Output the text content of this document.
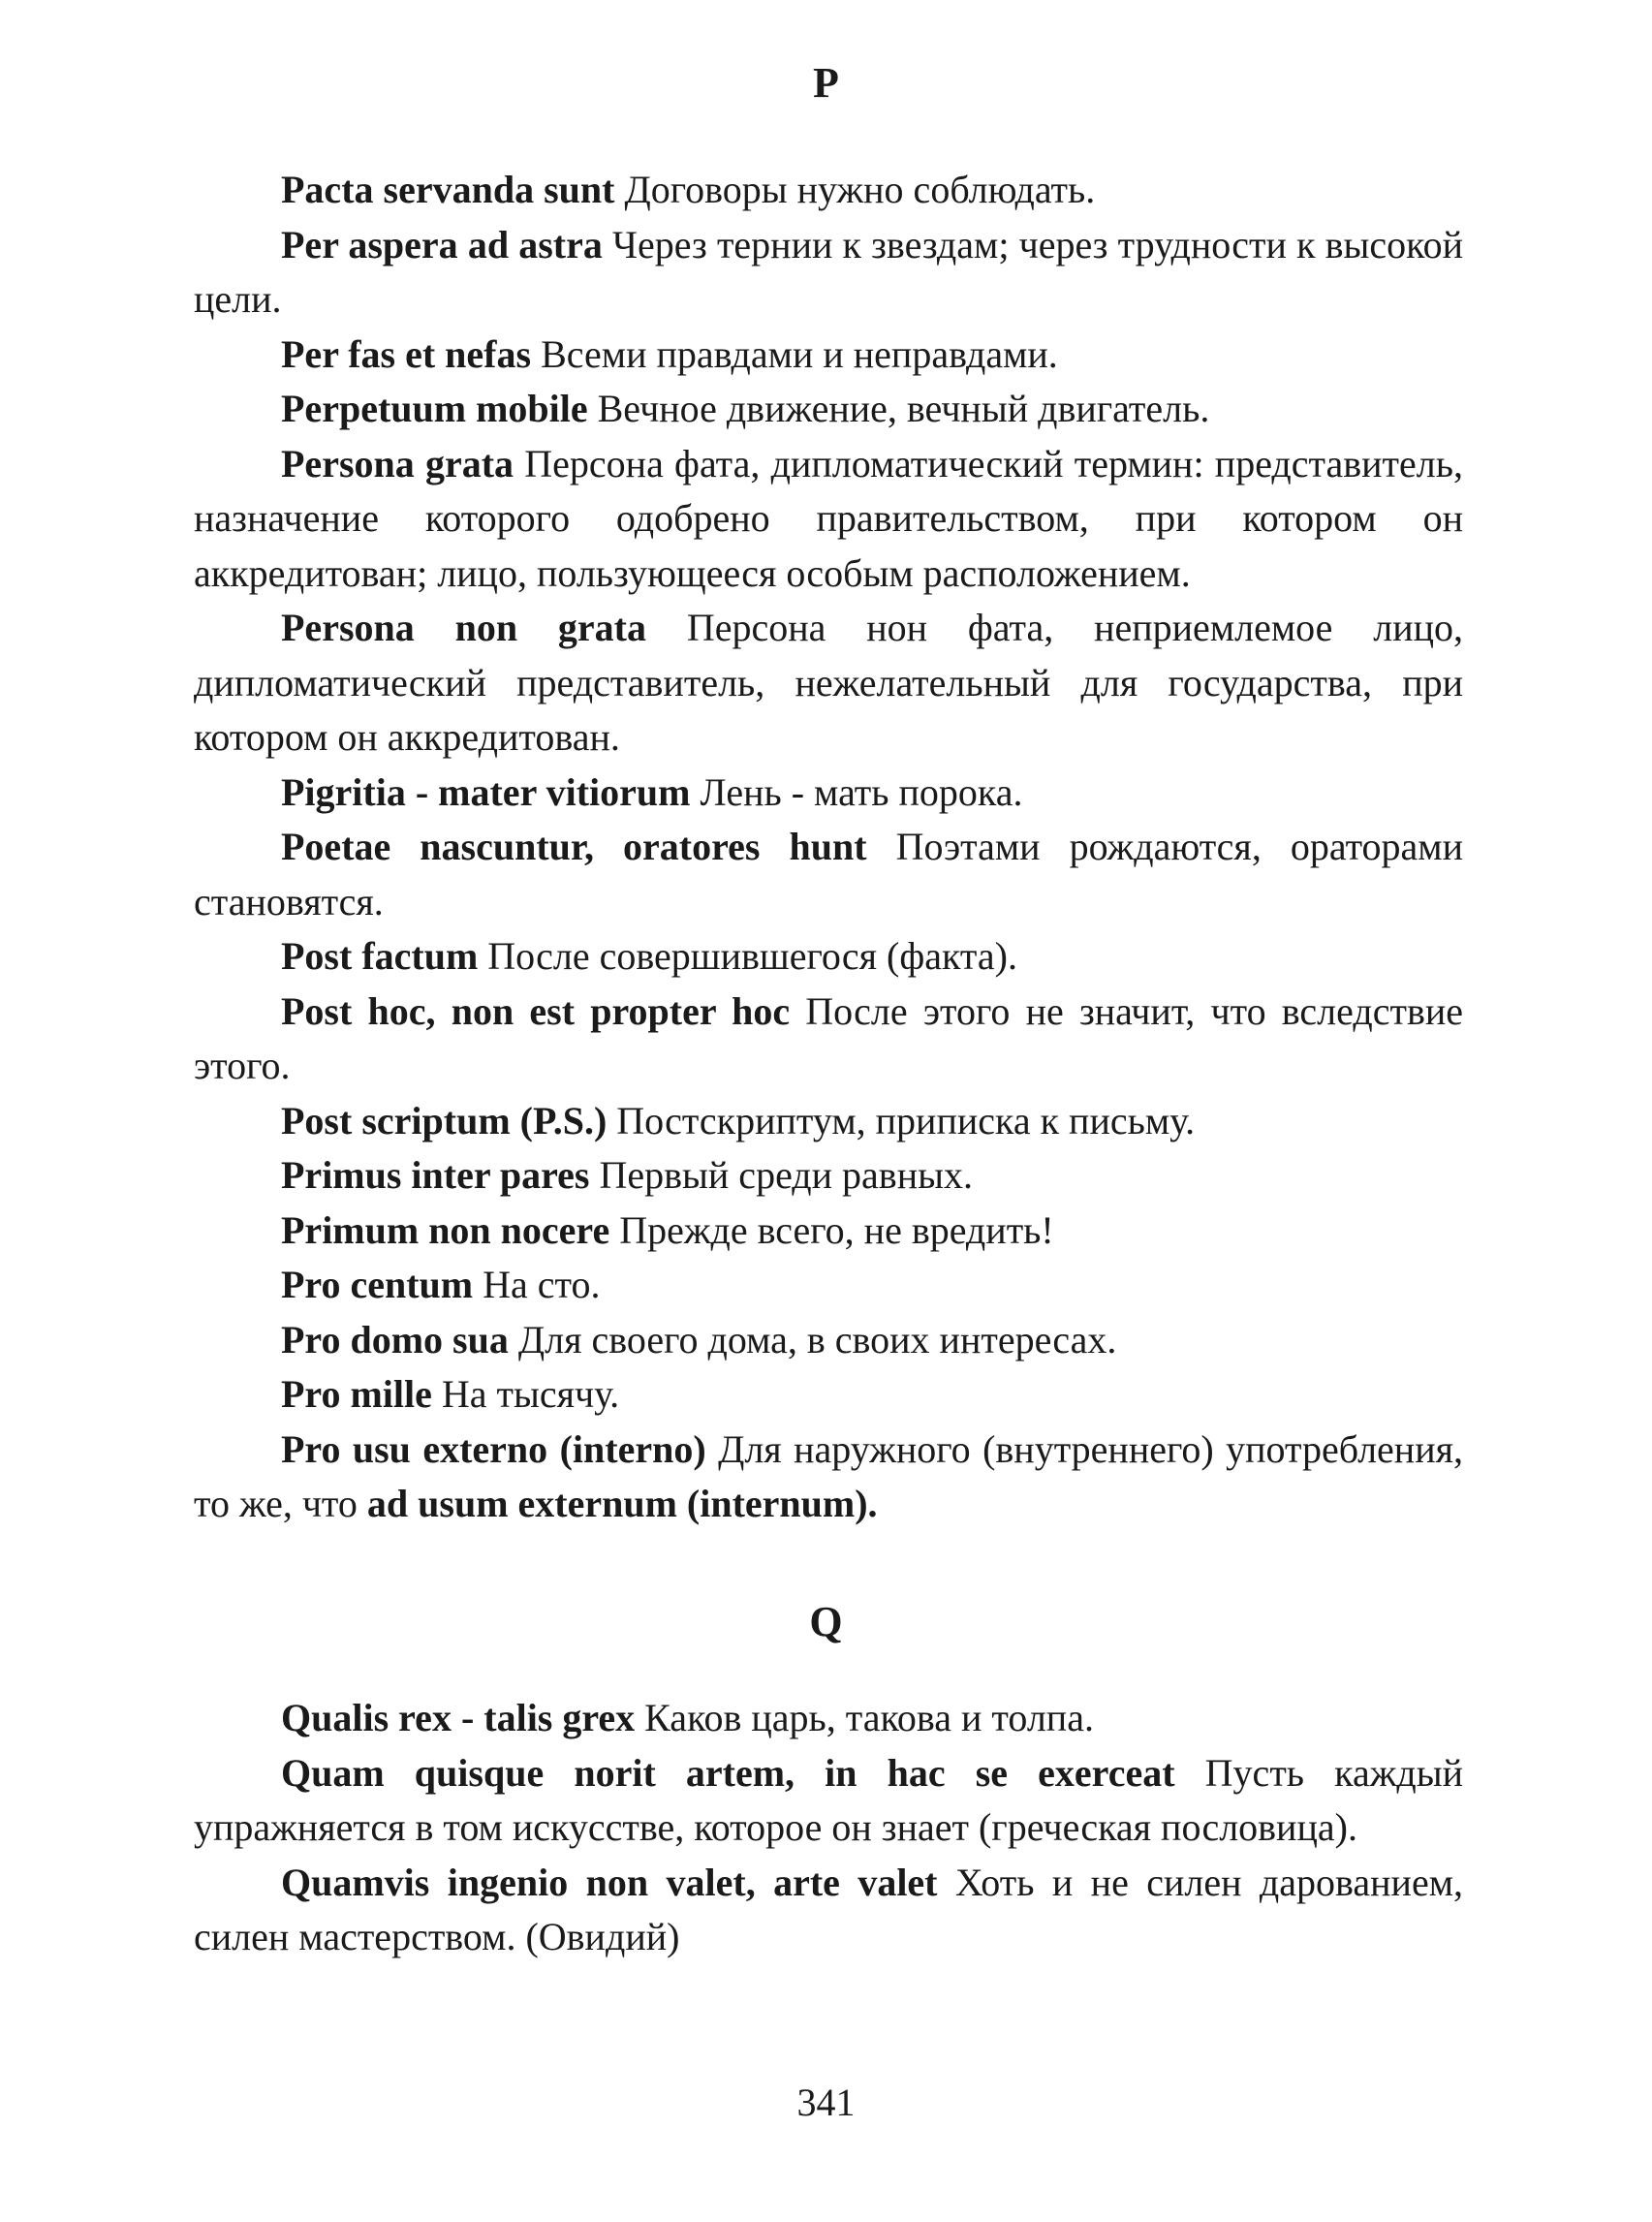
P

Pacta servanda sunt Договоры нужно соблюдать.

Per aspera ad astra Через тернии к звездам; через трудности к высокой цели.

Per fas et nefas Всеми правдами и неправдами.

Perpetuum mobile Вечное движение, вечный двигатель.

Persona grata Персона фата, дипломатический термин: представитель, назначение которого одобрено правительством, при котором он аккредитован; лицо, пользующееся особым расположением.

Persona non grata Персона нон фата, неприемлемое лицо, дипломатический представитель, нежелательный для государства, при котором он аккредитован.

Pigritia - mater vitiorum Лень - мать порока.

Poetae nascuntur, oratores hunt Поэтами рождаются, ораторами становятся.

Post factum После совершившегося (факта).

Post hoc, non est propter hoc После этого не значит, что вследствие этого.

Post scriptum (P.S.) Постскриптум, приписка к письму.

Primus inter pares Первый среди равных.

Primum non nocere Прежде всего, не вредить!

Pro centum На сто.

Pro domo sua Для своего дома, в своих интересах.

Pro mille На тысячу.

Pro usu externo (interno) Для наружного (внутреннего) употребления, то же, что ad usum externum (internum).

Q

Qualis rex - talis grex Каков царь, такова и толпа.

Quam quisque norit artem, in hac se exerceat Пусть каждый упражняется в том искусстве, которое он знает (греческая пословица).

Quamvis ingenio non valet, arte valet Хоть и не силен дарованием, силен мастерством. (Овидий)

341
